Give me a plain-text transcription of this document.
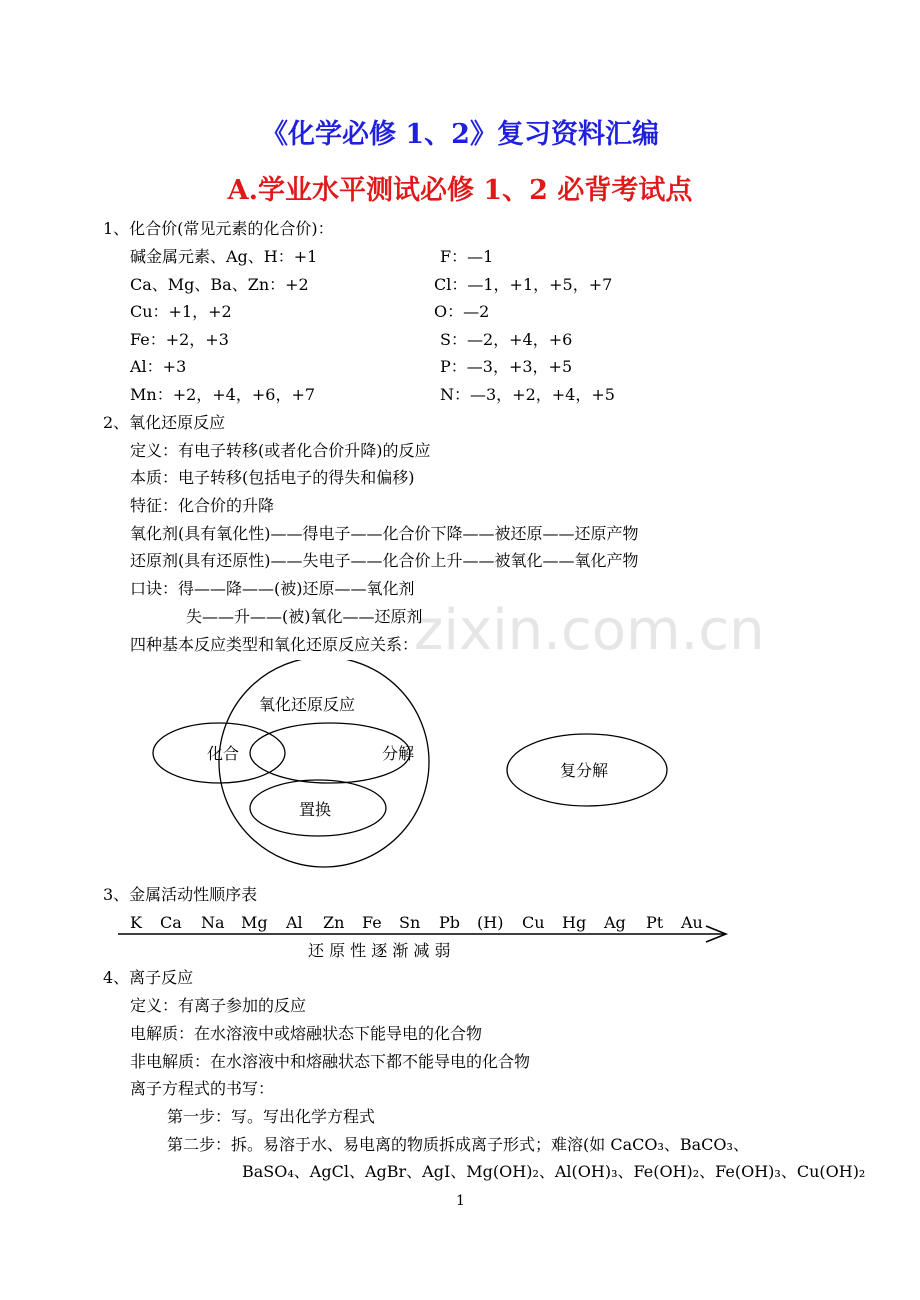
zixin.com.cn
《化学必修 1、2》复习资料汇编
A.学业水平测试必修 1、2 必背考试点
1、化合价(常见元素的化合价)：
碱金属元素、Ag、H：+1
Ca、Mg、Ba、Zn：+2
Cu：+1，+2
Fe：+2，+3
Al：+3
Mn：+2，+4，+6，+7
F：—1
Cl：—1，+1，+5，+7
O：—2
S：—2，+4，+6
P：—3，+3，+5
N：—3，+2，+4，+5
2、氧化还原反应
定义：有电子转移(或者化合价升降)的反应
本质：电子转移(包括电子的得失和偏移)
特征：化合价的升降
氧化剂(具有氧化性)——得电子——化合价下降——被还原——还原产物
还原剂(具有还原性)——失电子——化合价上升——被氧化——氧化产物
口诀：得——降——(被)还原——氧化剂
失——升——(被)氧化——还原剂
四种基本反应类型和氧化还原反应关系：
氧化还原反应
化合	分解
置换
复分解
3、金属活动性顺序表
K Ca Na Mg Al Zn Fe Sn Pb (H) Cu Hg Ag Pt Au
还 原 性 逐 渐 减 弱
4、离子反应
定义：有离子参加的反应
电解质：在水溶液中或熔融状态下能导电的化合物
非电解质：在水溶液中和熔融状态下都不能导电的化合物
离子方程式的书写：
第一步：写。写出化学方程式
第二步：拆。易溶于水、易电离的物质拆成离子形式；难溶(如 CaCO₃、BaCO₃、
BaSO₄、AgCl、AgBr、AgI、Mg(OH)₂、Al(OH)₃、Fe(OH)₂、Fe(OH)₃、Cu(OH)₂
1
